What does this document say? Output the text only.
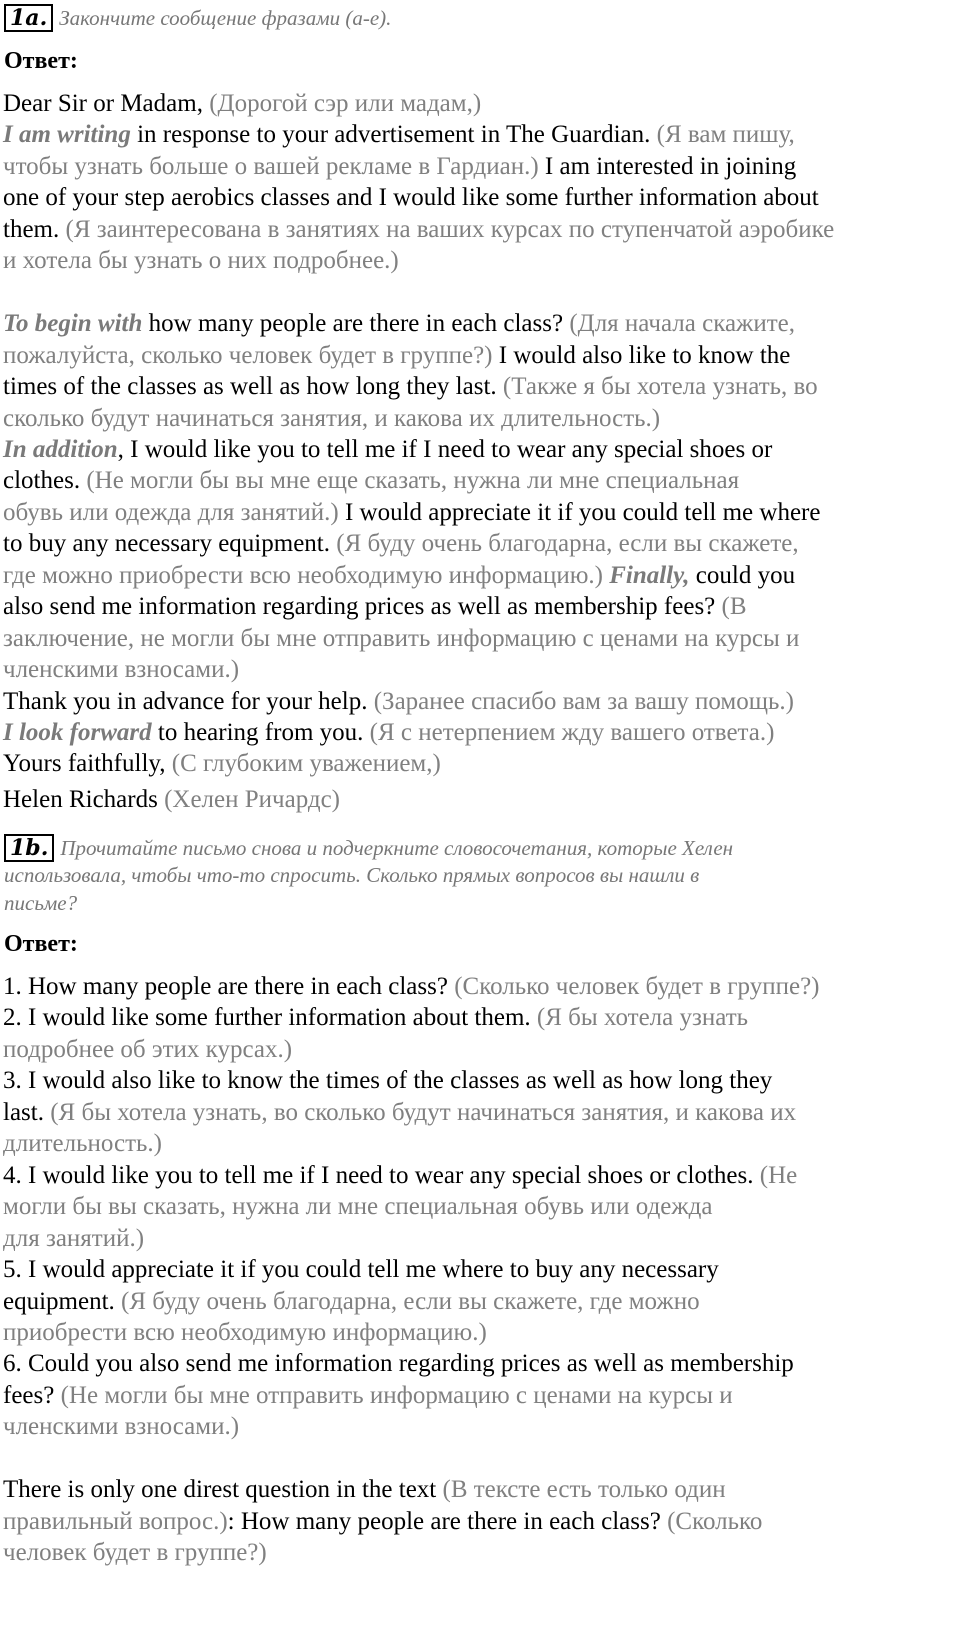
1a. Закончите сообщение фразами (a-e).
Ответ:
Dear Sir or Madam, (Дорогой сэр или мадам,)
I am writing in response to your advertisement in The Guardian. (Я вам пишу,
чтобы узнать больше о вашей рекламе в Гардиан.) I am interested in joining
one of your step aerobics classes and I would like some further information about
them. (Я заинтересована в занятиях на ваших курсах по ступенчатой аэробике
и хотела бы узнать о них подробнее.)
To begin with how many people are there in each class? (Для начала скажите,
пожалуйста, сколько человек будет в группе?) I would also like to know the
times of the classes as well as how long they last. (Также я бы хотела узнать, во
сколько будут начинаться занятия, и какова их длительность.)
In addition, I would like you to tell me if I need to wear any special shoes or
clothes. (Не могли бы вы мне еще сказать, нужна ли мне специальная
обувь или одежда для занятий.) I would appreciate it if you could tell me where
to buy any necessary equipment. (Я буду очень благодарна, если вы скажете,
где можно приобрести всю необходимую информацию.) Finally, could you
also send me information regarding prices as well as membership fees? (В
заключение, не могли бы мне отправить информацию с ценами на курсы и
членскими взносами.)
Thank you in advance for your help. (Заранее спасибо вам за вашу помощь.)
I look forward to hearing from you. (Я с нетерпением жду вашего ответа.)
Yours faithfully, (С глубоким уважением,)
Helen Richards (Хелен Ричардс)
1b. Прочитайте письмо снова и подчеркните словосочетания, которые Хелен
использовала, чтобы что-то спросить. Сколько прямых вопросов вы нашли в
письме?
Ответ:
1. How many people are there in each class? (Сколько человек будет в группе?)
2. I would like some further information about them. (Я бы хотела узнать
подробнее об этих курсах.)
3. I would also like to know the times of the classes as well as how long they
last. (Я бы хотела узнать, во сколько будут начинаться занятия, и какова их
длительность.)
4. I would like you to tell me if I need to wear any special shoes or clothes. (Не
могли бы вы сказать, нужна ли мне специальная обувь или одежда
для занятий.)
5. I would appreciate it if you could tell me where to buy any necessary
equipment. (Я буду очень благодарна, если вы скажете, где можно
приобрести всю необходимую информацию.)
6. Could you also send me information regarding prices as well as membership
fees? (Не могли бы мне отправить информацию с ценами на курсы и
членскими взносами.)
There is only one direst question in the text (В тексте есть только один
правильный вопрос.): How many people are there in each class? (Сколько
человек будет в группе?)
